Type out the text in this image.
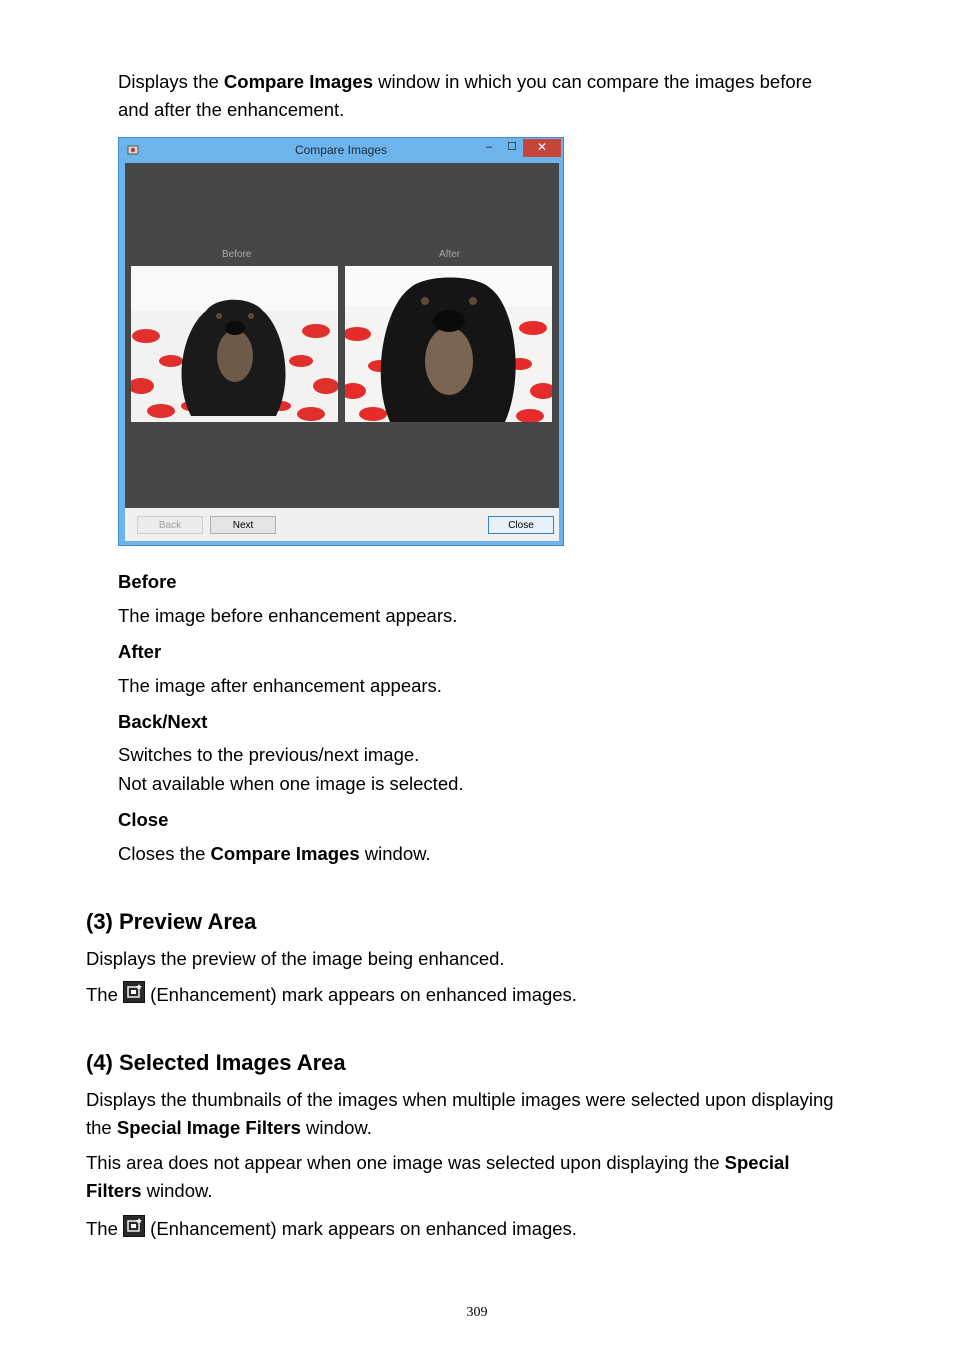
Displays the Compare Images window in which you can compare the images before

and after the enhancement.

Compare Images	–	☐	✕
Before	After
Back	Next	Close

Before

The image before enhancement appears.

After

The image after enhancement appears.

Back/Next

Switches to the previous/next image.

Not available when one image is selected.

Close

Closes the Compare Images window.

(3) Preview Area

Displays the preview of the image being enhanced.

The
(Enhancement) mark appears on enhanced images.

(4) Selected Images Area

Displays the thumbnails of the images when multiple images were selected upon displaying

the Special Image Filters window.

This area does not appear when one image was selected upon displaying the Special

Filters window.

The
(Enhancement) mark appears on enhanced images.

309
